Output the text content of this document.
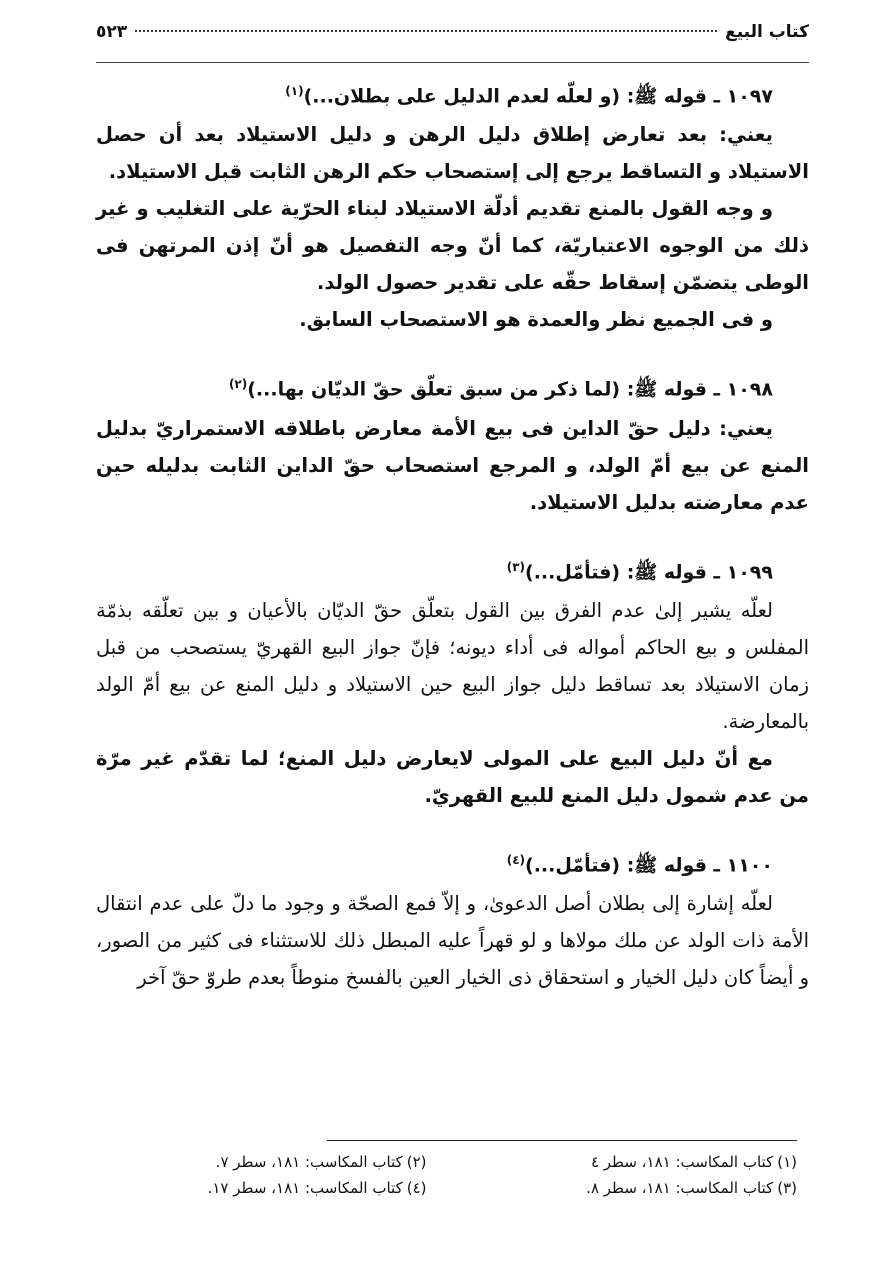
كتاب البيع
٥٢٣

١٠٩٧ ـ قوله ﷺ: (و لعلّه لعدم الدليل على بطلان...)$^{(١)}$

يعني: بعد تعارض إطلاق دليل الرهن و دليل الاستيلاد بعد أن حصل الاستيلاد و التساقط يرجع إلى إستصحاب حكم الرهن الثابت قبل الاستيلاد.

و وجه القول بالمنع تقديم أدلّة الاستيلاد لبناء الحرّية على التغليب و غير ذلك من الوجوه الاعتباريّة، كما أنّ وجه التفصيل هو أنّ إذن المرتهن فى الوطى يتضمّن إسقاط حقّه على تقدير حصول الولد.

و فى الجميع نظر والعمدة هو الاستصحاب السابق.

١٠٩٨ ـ قوله ﷺ: (لما ذكر من سبق تعلّق حقّ الديّان بها...)$^{(٢)}$

يعني: دليل حقّ الداين فى بيع الأمة معارض باطلاقه الاستمراريّ بدليل المنع عن بيع أمّ الولد، و المرجع استصحاب حقّ الداين الثابت بدليله حين عدم معارضته بدليل الاستيلاد.

١٠٩٩ ـ قوله ﷺ: (فتأمّل...)$^{(٣)}$

لعلّه يشير إلىٰ عدم الفرق بين القول بتعلّق حقّ الديّان بالأعيان و بين تعلّقه بذمّة المفلس و بيع الحاكم أمواله فى أداء ديونه؛ فإنّ جواز البيع القهريّ يستصحب من قبل زمان الاستيلاد بعد تساقط دليل جواز البيع حين الاستيلاد و دليل المنع عن بيع أمّ الولد بالمعارضة.

مع أنّ دليل البيع على المولى لايعارض دليل المنع؛ لما تقدّم غير مرّة من عدم شمول دليل المنع للبيع القهريّ.

١١٠٠ ـ قوله ﷺ: (فتأمّل...)$^{(٤)}$

لعلّه إشارة إلى بطلان أصل الدعوىٰ، و إلاّ فمع الصحّة و وجود ما دلّ على عدم انتقال الأمة ذات الولد عن ملك مولاها و لو قهراً عليه المبطل ذلك للاستثناء فى كثير من الصور، و أيضاً كان دليل الخيار و استحقاق ذى الخيار العين بالفسخ منوطاً بعدم طروّ حقّ آخر

(١)كتاب المكاسب: ١٨١، سطر ٤
(٢)كتاب المكاسب: ١٨١، سطر ٧.
(٣)كتاب المكاسب: ١٨١، سطر ٨.
(٤)كتاب المكاسب: ١٨١، سطر ١٧.
